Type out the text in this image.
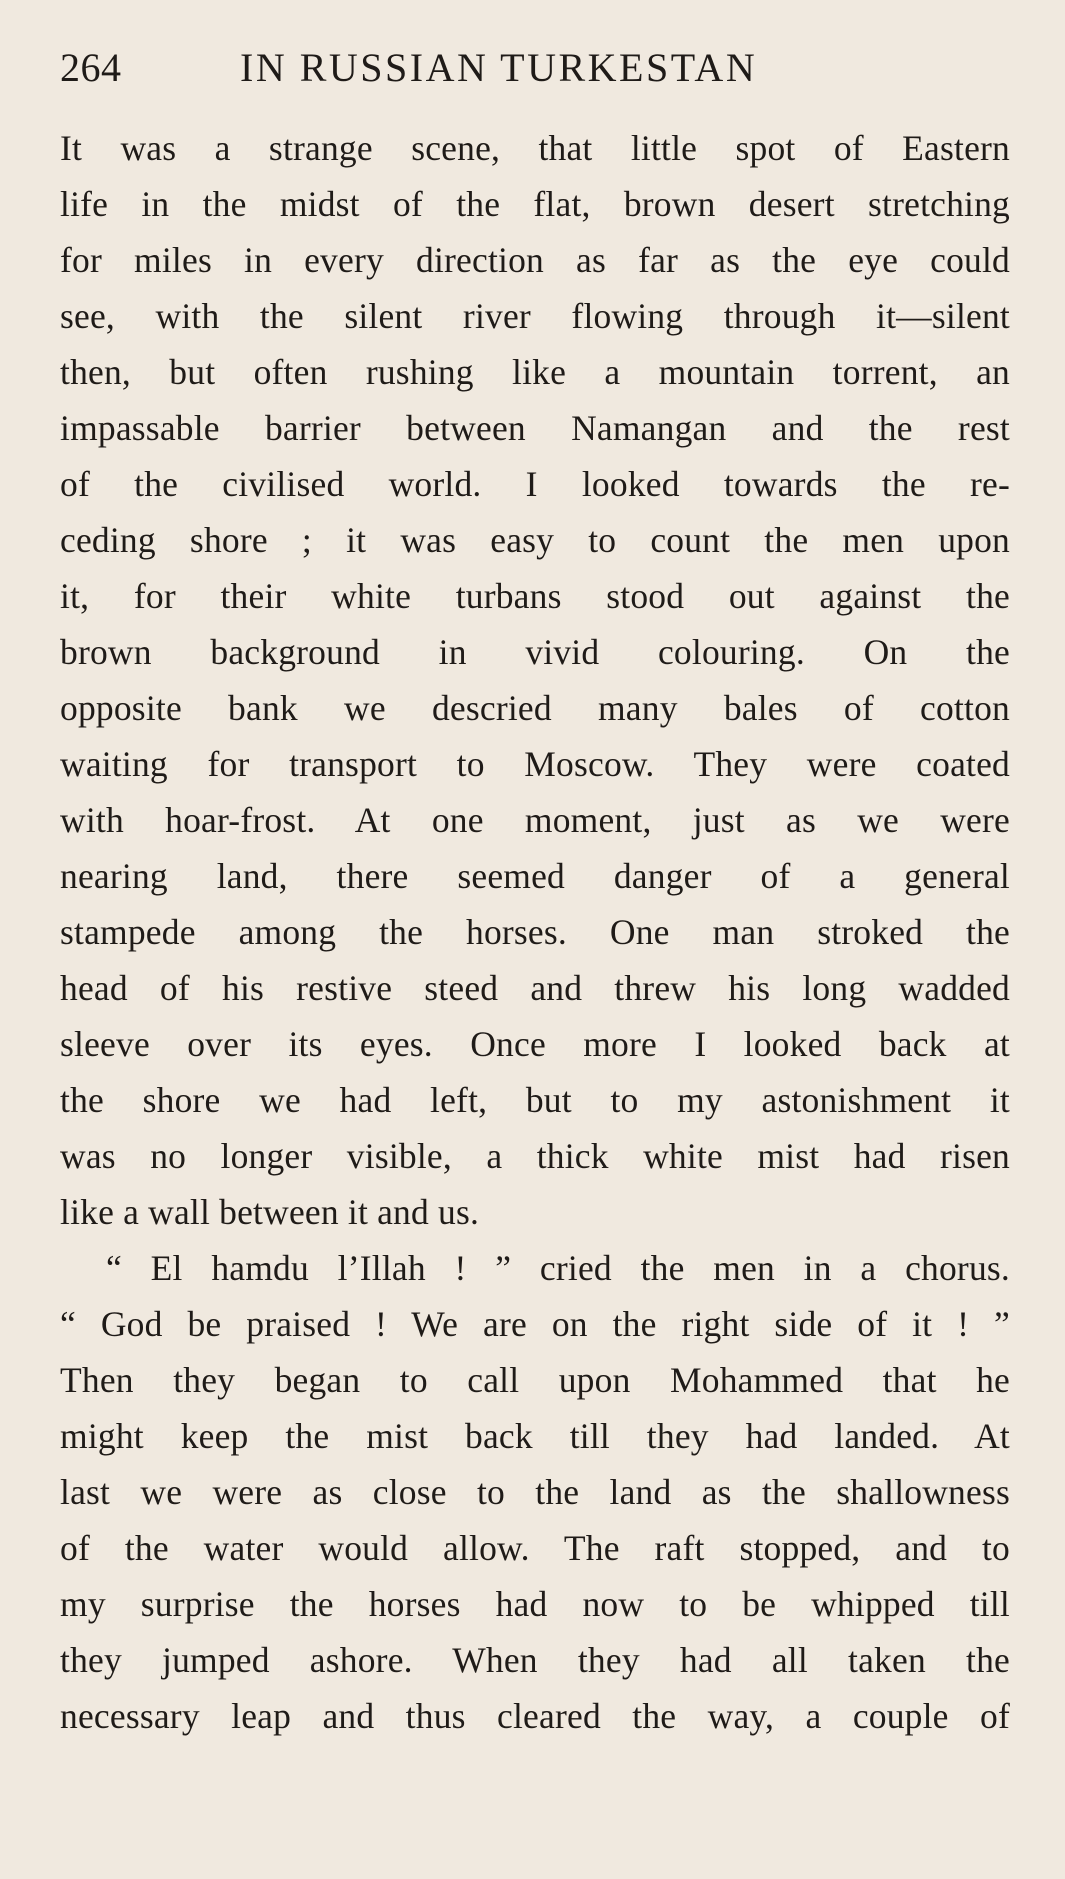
264	IN RUSSIAN TURKESTAN
It was a strange scene, that little spot of Eastern
life in the midst of the flat, brown desert stretching
for miles in every direction as far as the eye could
see, with the silent river flowing through it—silent
then, but often rushing like a mountain torrent, an
impassable barrier between Namangan and the rest
of the civilised world. I looked towards the re-
ceding shore ; it was easy to count the men upon
it, for their white turbans stood out against the
brown background in vivid colouring. On the
opposite bank we descried many bales of cotton
waiting for transport to Moscow. They were coated
with hoar-frost. At one moment, just as we were
nearing land, there seemed danger of a general
stampede among the horses. One man stroked the
head of his restive steed and threw his long wadded
sleeve over its eyes. Once more I looked back at
the shore we had left, but to my astonishment it
was no longer visible, a thick white mist had risen
like a wall between it and us.
“ El hamdu l’Illah ! ” cried the men in a chorus.
“ God be praised ! We are on the right side of it ! ”
Then they began to call upon Mohammed that he
might keep the mist back till they had landed. At
last we were as close to the land as the shallowness
of the water would allow. The raft stopped, and to
my surprise the horses had now to be whipped till
they jumped ashore. When they had all taken the
necessary leap and thus cleared the way, a couple of
